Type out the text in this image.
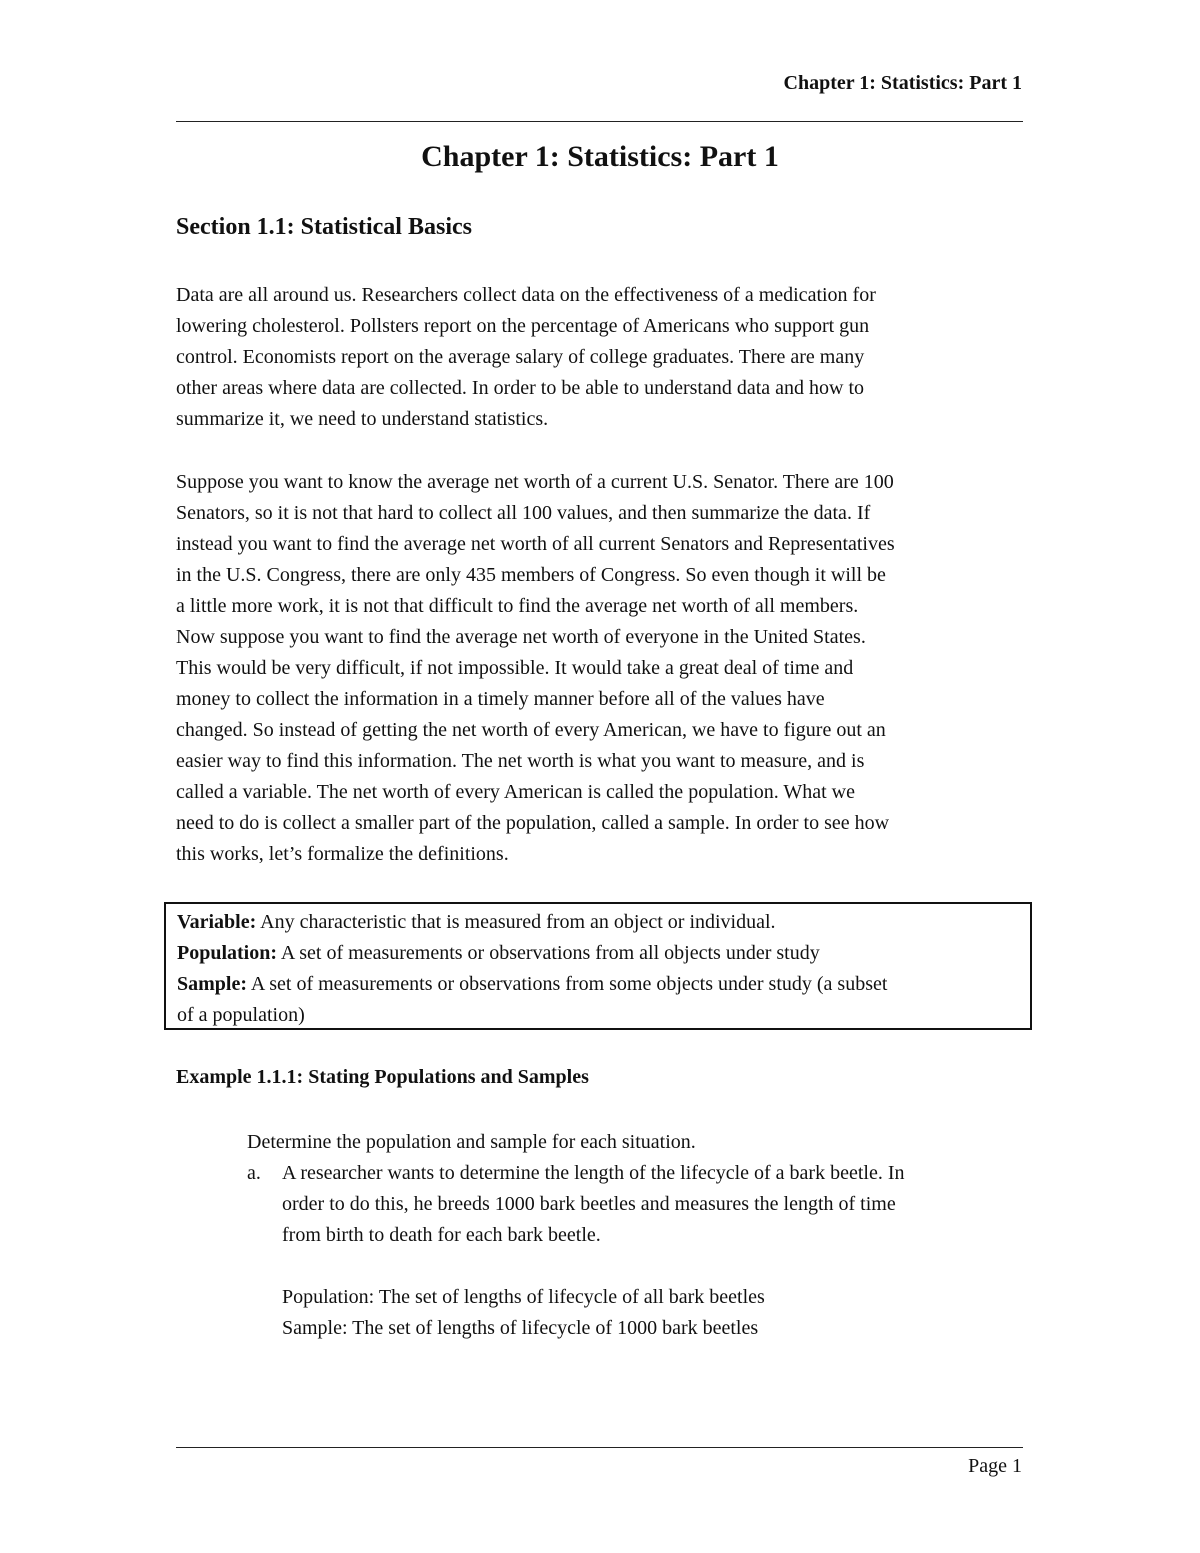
Chapter 1: Statistics: Part 1
Chapter 1: Statistics: Part 1
Section 1.1: Statistical Basics
Data are all around us. Researchers collect data on the effectiveness of a medication for
lowering cholesterol. Pollsters report on the percentage of Americans who support gun
control. Economists report on the average salary of college graduates. There are many
other areas where data are collected. In order to be able to understand data and how to
summarize it, we need to understand statistics.
Suppose you want to know the average net worth of a current U.S. Senator. There are 100
Senators, so it is not that hard to collect all 100 values, and then summarize the data. If
instead you want to find the average net worth of all current Senators and Representatives
in the U.S. Congress, there are only 435 members of Congress. So even though it will be
a little more work, it is not that difficult to find the average net worth of all members.
Now suppose you want to find the average net worth of everyone in the United States.
This would be very difficult, if not impossible. It would take a great deal of time and
money to collect the information in a timely manner before all of the values have
changed. So instead of getting the net worth of every American, we have to figure out an
easier way to find this information. The net worth is what you want to measure, and is
called a variable. The net worth of every American is called the population. What we
need to do is collect a smaller part of the population, called a sample. In order to see how
this works, let’s formalize the definitions.
Variable: Any characteristic that is measured from an object or individual.
Population: A set of measurements or observations from all objects under study
Sample: A set of measurements or observations from some objects under study (a subset
of a population)
Example 1.1.1: Stating Populations and Samples
Determine the population and sample for each situation.
a. A researcher wants to determine the length of the lifecycle of a bark beetle. In
order to do this, he breeds 1000 bark beetles and measures the length of time
from birth to death for each bark beetle.
Population: The set of lengths of lifecycle of all bark beetles
Sample: The set of lengths of lifecycle of 1000 bark beetles
Page 1
